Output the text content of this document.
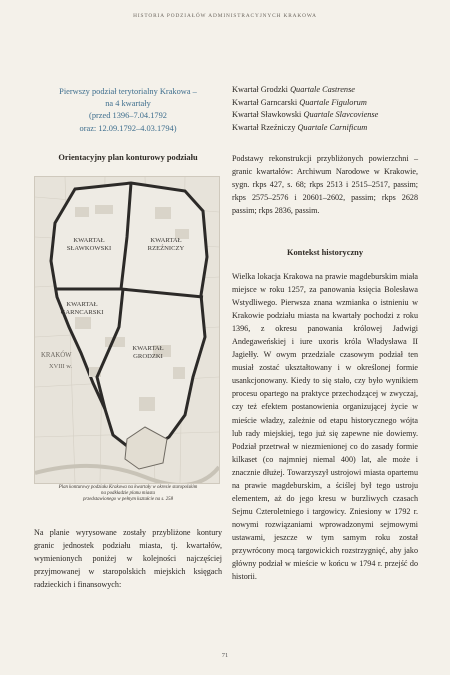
HISTORIA PODZIAŁÓW ADMINISTRACYJNYCH KRAKOWA
Pierwszy podział terytorialny Krakowa –
na 4 kwartały
(przed 1396–7.04.1792
oraz: 12.09.1792–4.03.1794)
Orientacyjny plan konturowy podziału
KWARTAŁ
SŁAWKOWSKI
KWARTAŁ
RZEŹNICZY
KWARTAŁ
GARNCARSKI
KWARTAŁ
GRODZKI
KRAKÓW
XVIII w.
Plan konturowy podziału Krakowa na kwartały w okresie staropolskim
na podkładzie planu miasta
przedstawionego w pełnym kształcie na s. 258

Na planie wyrysowane zostały przybliżone kontury granic jednostek podziału miasta, tj. kwartałów, wymienionych poniżej w kolejności najczęściej przyjmowanej w staropolskich miejskich księgach radzieckich i finansowych:

Kwartał Grodzki Quartale Castrense
Kwartał Garncarski Quartale Figulorum
Kwartał Sławkowski Quartale Slavcoviense
Kwartał Rzeźniczy Quartale Carnificum

Podstawy rekonstrukcji przybliżonych powierzchni – granic kwartałów: Archiwum Narodowe w Krakowie, sygn. rkps 427, s. 68; rkps 2513 i 2515–2517, passim; rkps 2575–2576 i 20601–2602, passim; rkps 2628 passim; rkps 2836, passim.

Kontekst historyczny

Wielka lokacja Krakowa na prawie magdeburskim miała miejsce w roku 1257, za panowania księcia Bolesława Wstydliwego. Pierwsza znana wzmianka o istnieniu w Krakowie podziału miasta na kwartały pochodzi z roku 1396, z okresu panowania królowej Jadwigi Andegaweńskiej i iure uxoris króla Władysława II Jagiełły. W owym przedziale czasowym podział ten musiał zostać ukształtowany i w określonej formie usankcjonowany. Kiedy to się stało, czy było wynikiem procesu opartego na praktyce przechodzącej w zwyczaj, czy też efektem postanowienia organizującej życie w mieście władzy, zależnie od etapu historycznego wójta lub rady miejskiej, tego już się zapewne nie dowiemy. Podział przetrwał w niezmienionej co do zasady formie kilkaset (co najmniej niemal 400) lat, ale może i znacznie dłużej. Towarzyszył ustrojowi miasta opartemu na prawie magdeburskim, a ściślej był tego ustroju elementem, aż do jego kresu w burzliwych czasach Sejmu Czteroletniego i targowicy. Zniesiony w 1792 r. nowymi rozwiązaniami wprowadzonymi sejmowymi ustawami, jeszcze w tym samym roku został przywrócony mocą targowickich rozstrzygnięć, aby jako główny podział w mieście w końcu w 1794 r. przejść do historii.

71
